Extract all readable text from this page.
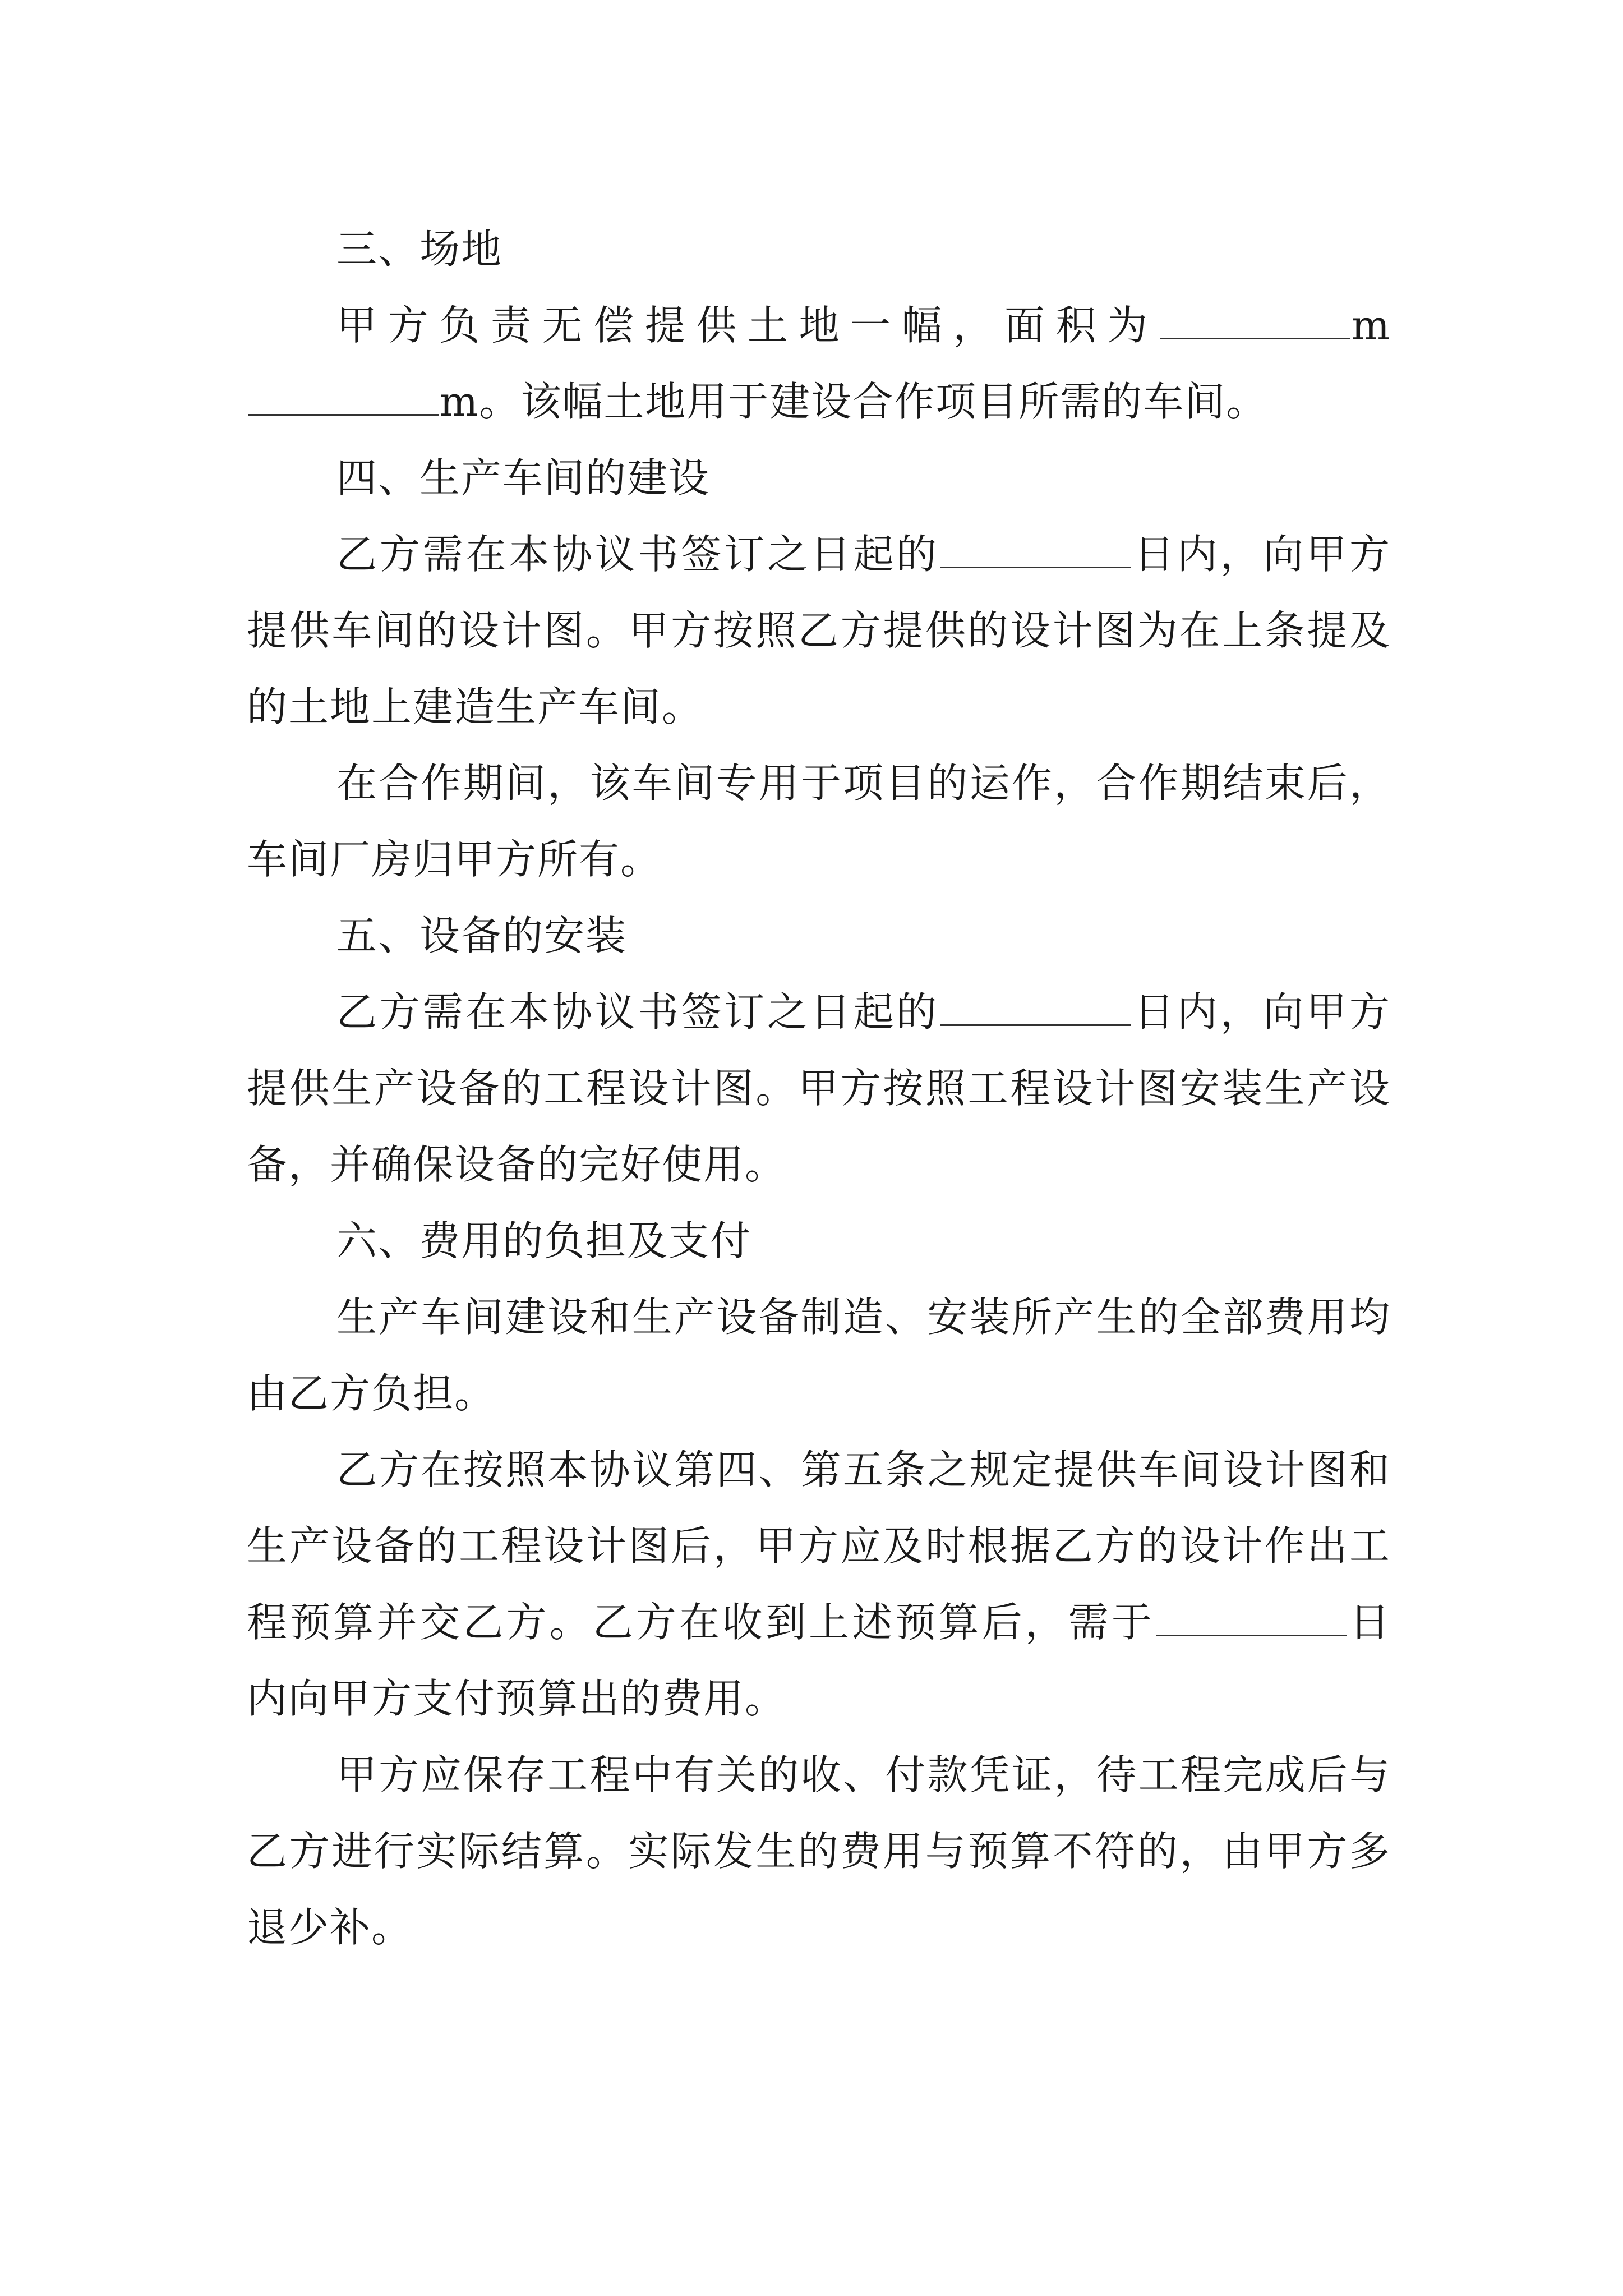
三、场地

甲方负责无偿提供土地一幅，面积为	mm。该幅土地用于建设合作项目所需的车间。

四、生产车间的建设

乙方需在本协议书签订之日起的	日内，向甲方提供车间的设计图。甲方按照乙方提供的设计图为在上条提及的土地上建造生产车间。

在合作期间，该车间专用于项目的运作，合作期结束后，车间厂房归甲方所有。

五、设备的安装

乙方需在本协议书签订之日起的	日内，向甲方提供生产设备的工程设计图。甲方按照工程设计图安装生产设备，并确保设备的完好使用。

六、费用的负担及支付

生产车间建设和生产设备制造、安装所产生的全部费用均由乙方负担。

乙方在按照本协议第四、第五条之规定提供车间设计图和生产设备的工程设计图后，甲方应及时根据乙方的设计作出工程预算并交乙方。乙方在收到上述预算后，需于	日内向甲方支付预算出的费用。

甲方应保存工程中有关的收、付款凭证，待工程完成后与乙方进行实际结算。实际发生的费用与预算不符的，由甲方多退少补。
